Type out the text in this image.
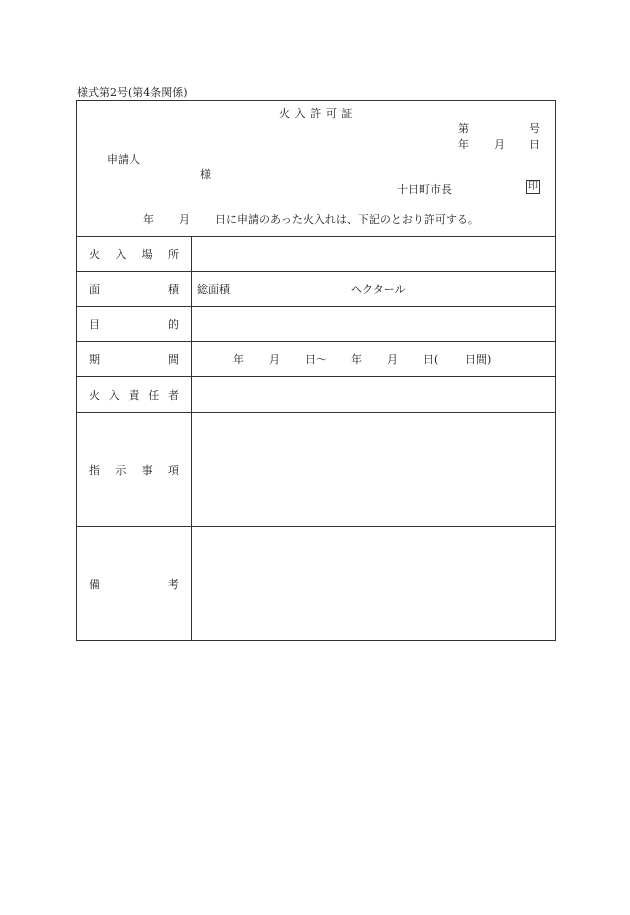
様式第2号(第4条関係)
火 入 許 可 証
第	号
年 月 日
申請人
様
十日町市長	印
年 月 日に申請のあった火入れは、下記のとおり許可する。
火 入 場 所
面	積 総面積	ヘクタール
目	的
期	間	年 月 日〜 年 月 日( 日間)
火 入 責 任 者
指 示 事 項
備	考
